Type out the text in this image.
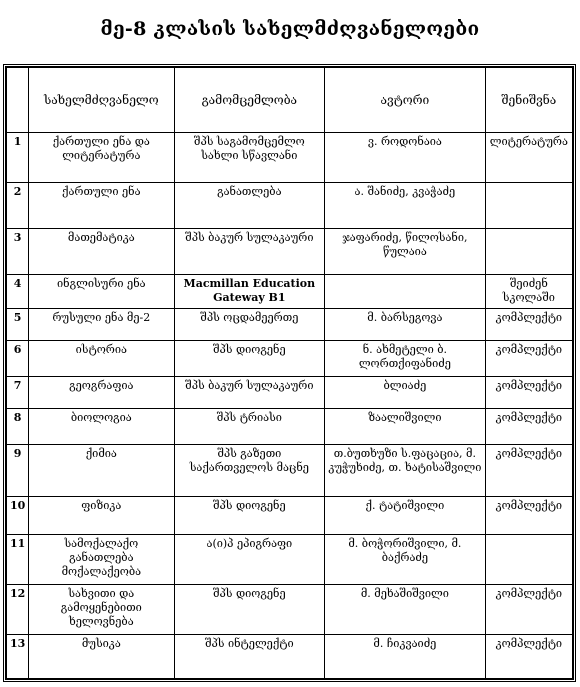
მე-8 კლასის სახელმძღვანელოები
	სახელმძღვანელო	გამომცემლობა	ავტორი	შენიშვნა
1	ქართული ენა და ლიტერატურა	შპს საგამომცემლო სახლი სწავლანი	ვ. როდონაია	ლიტერატურა
2	ქართული ენა	განათლება	ა. შანიძე, კვაჭაძე	
3	მათემატიკა	შპს ბაკურ სულაკაური	ჯაფარიძე, წილოსანი, წულაია	
4	ინგლისური ენა	Macmillan Education Gateway B1		შეიძენ სკოლაში
5	რუსული ენა მე-2	შპს ოცდამეერთე	მ. ბარსეგოვა	კომპლექტი
6	ისტორია	შპს დიოგენე	ნ. ახმეტელი ბ. ლორთქიფანიძე	კომპლექტი
7	გეოგრაფია	შპს ბაკურ სულაკაური	ბლიაძე	კომპლექტი
8	ბიოლოგია	შპს ტრიასი	ზაალიშვილი	კომპლექტი
9	ქიმია	შპს გაზეთი საქართველოს მაცნე	თ.ბუთხუზი ს.ფაცაცია, მ. კუჭუხიძე, თ. ხატისაშვილი	კომპლექტი
10	ფიზიკა	შპს დიოგენე	ქ. ტატიშვილი	კომპლექტი
11	სამოქალაქო განათლება მოქალაქეობა	ა(ი)პ ეპიგრაფი	მ. ბოჭორიშვილი, მ. ბაქრაძე	
12	სახვითი და გამოყენებითი ხელოვნება	შპს დიოგენე	მ. მეხაშიშვილი	კომპლექტი
13	მუსიკა	შპს ინტელექტი	მ. ჩიკვაიძე	კომპლექტი
